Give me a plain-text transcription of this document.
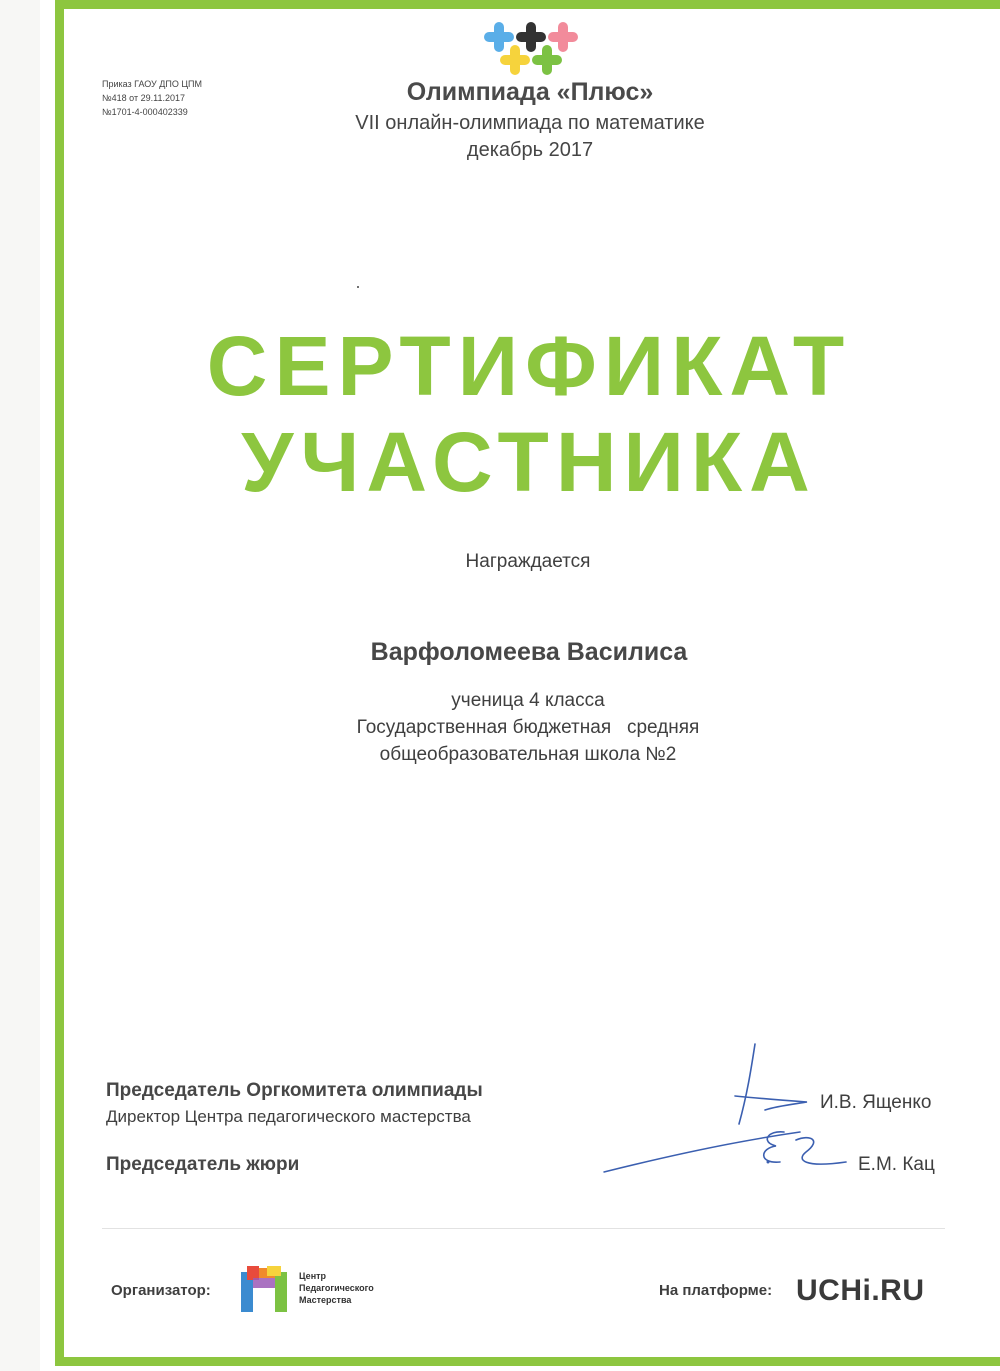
Приказ ГАОУ ДПО ЦПМ
№418 от 29.11.2017
№1701-4-000402339
Олимпиада «Плюс»
VII онлайн-олимпиада по математике
декабрь 2017
СЕРТИФИКАТ
УЧАСТНИКА
Награждается
Варфоломеева Василиса
ученица 4 класса
Государственная бюджетная   средняя
общеобразовательная школа №2
Председатель Оргкомитета олимпиады
Директор Центра педагогического мастерства
Председатель жюри
И.В. Ященко
Е.М. Кац
Организатор:
Центр
Педагогического
Мастерства
На платформе: UCHi.RU
